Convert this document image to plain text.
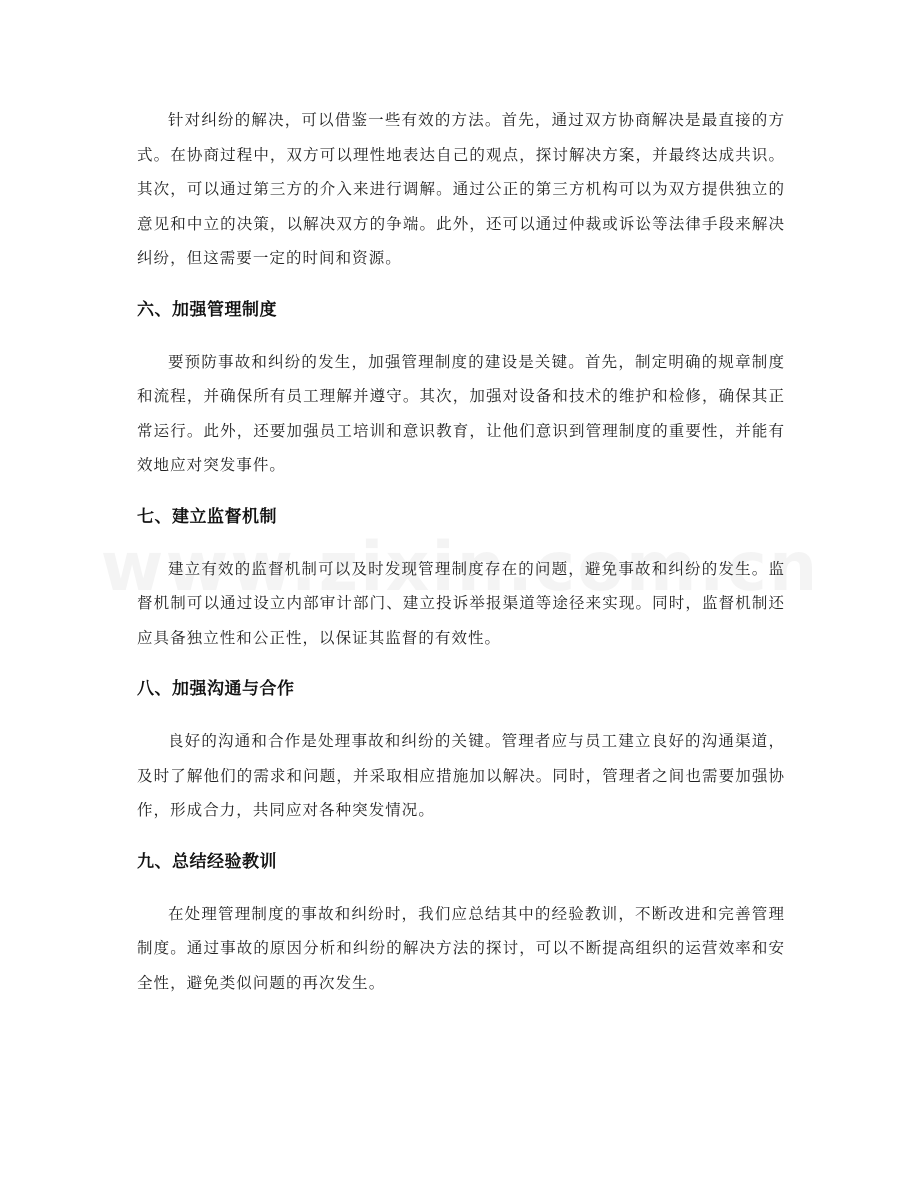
针对纠纷的解决，可以借鉴一些有效的方法。首先，通过双方协商解决是最直接的方式。在协商过程中，双方可以理性地表达自己的观点，探讨解决方案，并最终达成共识。其次，可以通过第三方的介入来进行调解。通过公正的第三方机构可以为双方提供独立的意见和中立的决策，以解决双方的争端。此外，还可以通过仲裁或诉讼等法律手段来解决纠纷，但这需要一定的时间和资源。

六、加强管理制度

要预防事故和纠纷的发生，加强管理制度的建设是关键。首先，制定明确的规章制度和流程，并确保所有员工理解并遵守。其次，加强对设备和技术的维护和检修，确保其正常运行。此外，还要加强员工培训和意识教育，让他们意识到管理制度的重要性，并能有效地应对突发事件。

七、建立监督机制

建立有效的监督机制可以及时发现管理制度存在的问题，避免事故和纠纷的发生。监督机制可以通过设立内部审计部门、建立投诉举报渠道等途径来实现。同时，监督机制还应具备独立性和公正性，以保证其监督的有效性。

八、加强沟通与合作

良好的沟通和合作是处理事故和纠纷的关键。管理者应与员工建立良好的沟通渠道，及时了解他们的需求和问题，并采取相应措施加以解决。同时，管理者之间也需要加强协作，形成合力，共同应对各种突发情况。

九、总结经验教训

在处理管理制度的事故和纠纷时，我们应总结其中的经验教训，不断改进和完善管理制度。通过事故的原因分析和纠纷的解决方法的探讨，可以不断提高组织的运营效率和安全性，避免类似问题的再次发生。
